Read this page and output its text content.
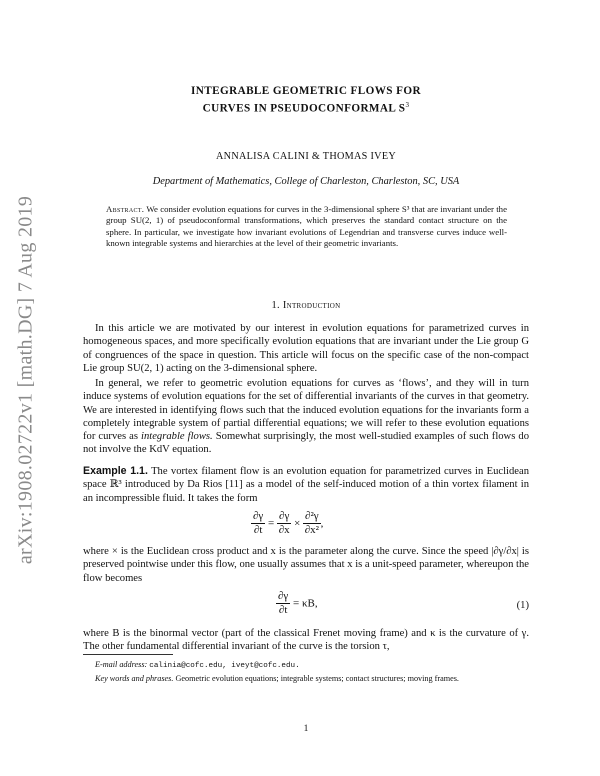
arXiv:1908.02722v1 [math.DG] 7 Aug 2019
INTEGRABLE GEOMETRIC FLOWS FOR
CURVES IN PSEUDOCONFORMAL $S^3$
ANNALISA CALINI & THOMAS IVEY
Department of Mathematics, College of Charleston, Charleston, SC, USA
Abstract. We consider evolution equations for curves in the 3-dimensional sphere S³ that are invariant under the group SU(2, 1) of pseudoconformal transformations, which preserves the standard contact structure on the sphere. In particular, we investigate how invariant evolutions of Legendrian and transverse curves induce well-known integrable systems and hierarchies at the level of their geometric invariants.
1. Introduction
In this article we are motivated by our interest in evolution equations for parametrized curves in homogeneous spaces, and more specifically evolution equations that are invariant under the Lie group G of congruences of the space in question. This article will focus on the specific case of the non-compact Lie group SU(2, 1) acting on the 3-dimensional sphere.
In general, we refer to geometric evolution equations for curves as ‘flows’, and they will in turn induce systems of evolution equations for the set of differential invariants of the curves in that geometry. We are interested in identifying flows such that the induced evolution equations for the invariants form a completely integrable system of partial differential equations; we will refer to these evolution equations for curves as integrable flows. Somewhat surprisingly, the most well-studied examples of such flows do not involve the KdV equation.
Example 1.1. The vortex filament flow is an evolution equation for parametrized curves in Euclidean space ℝ³ introduced by Da Rios [11] as a model of the self-induced motion of a thin vortex filament in an incompressible fluid. It takes the form
$\frac{\partial\gamma}{\partial t} = \frac{\partial\gamma}{\partial x} \times \frac{\text{∂²γ}}{\text{∂x²}}$ ,
where × is the Euclidean cross product and x is the parameter along the curve. Since the speed |∂γ/∂x| is preserved pointwise under this flow, one usually assumes that x is a unit-speed parameter, whereupon the flow becomes
$\frac{\partial\gamma}{\partial t} = \kappa B$,	(1)
where B is the binormal vector (part of the classical Frenet moving frame) and κ is the curvature of γ. The other fundamental differential invariant of the curve is the torsion τ,
E-mail address: calinia@cofc.edu, iveyt@cofc.edu.
Key words and phrases. Geometric evolution equations; integrable systems; contact structures; moving frames.
1
